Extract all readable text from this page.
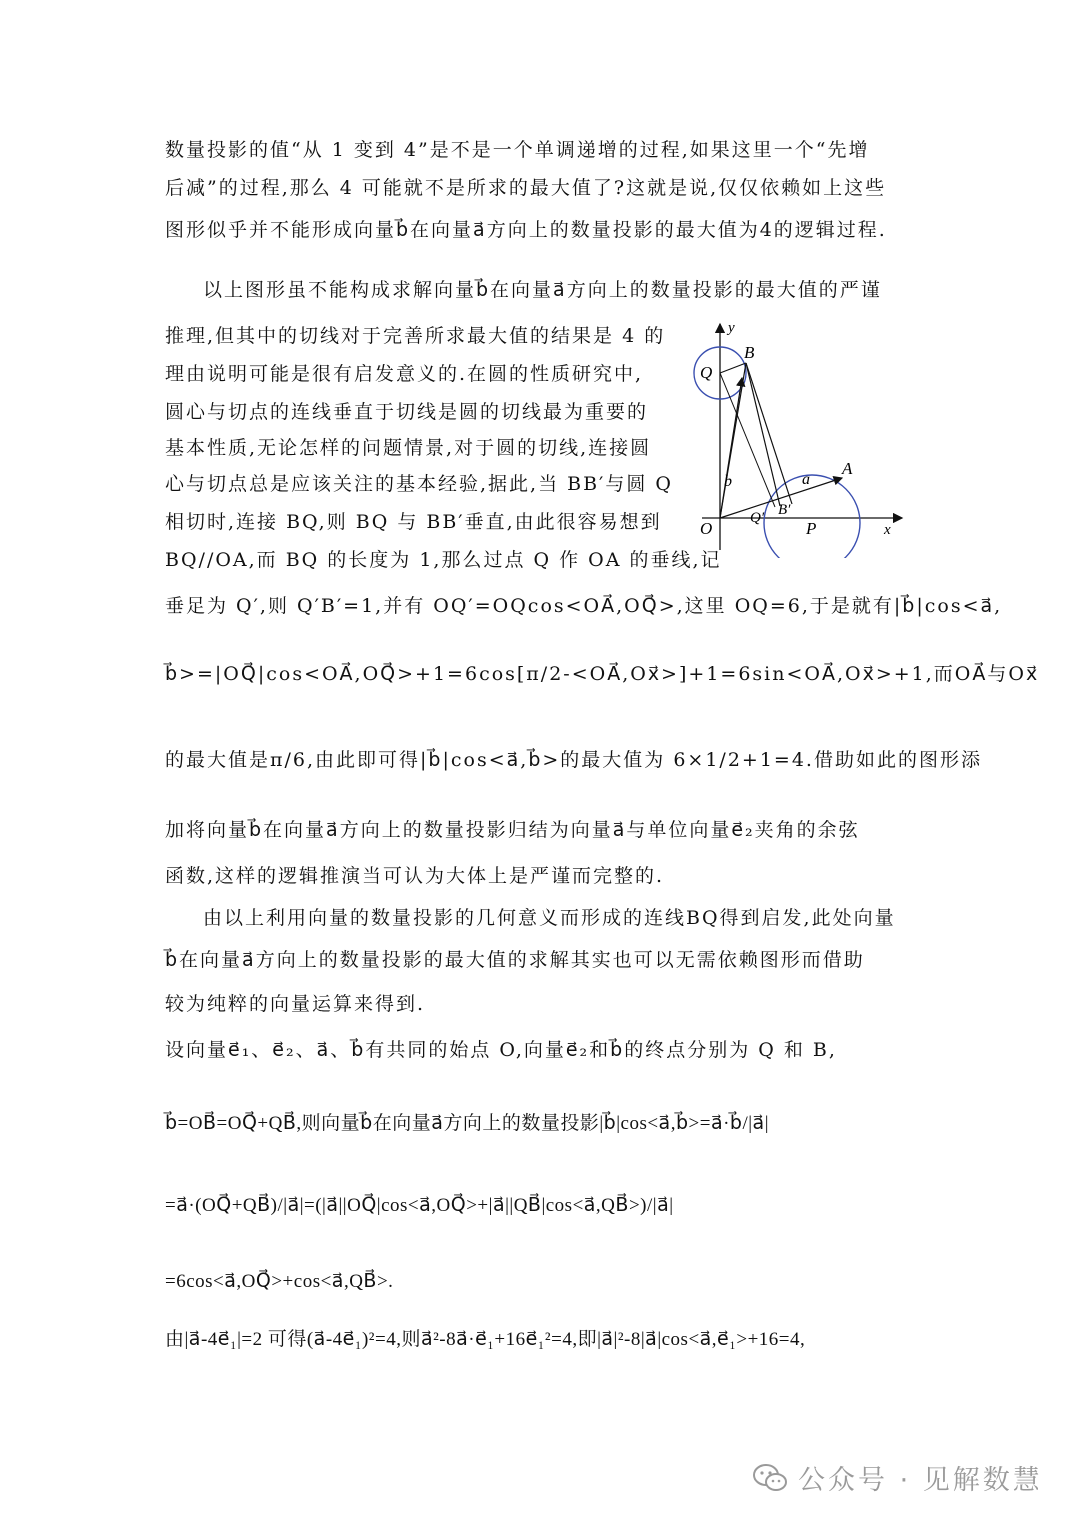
数量投影的值“从 1 变到 4”是不是一个单调递增的过程,如果这里一个“先增
后减”的过程,那么 4 可能就不是所求的最大值了?这就是说,仅仅依赖如上这些
图形似乎并不能形成向量b⃗在向量a⃗方向上的数量投影的最大值为4的逻辑过程.
以上图形虽不能构成求解向量b⃗在向量a⃗方向上的数量投影的最大值的严谨
推理,但其中的切线对于完善所求最大值的结果是 4 的
理由说明可能是很有启发意义的.在圆的性质研究中,
圆心与切点的连线垂直于切线是圆的切线最为重要的
基本性质,无论怎样的问题情景,对于圆的切线,连接圆
心与切点总是应该关注的基本经验,据此,当 BB′与圆 Q
相切时,连接 BQ,则 BQ 与 BB′垂直,由此很容易想到
BQ//OA,而 BQ 的长度为 1,那么过点 Q 作 OA 的垂线,记
垂足为 Q′,则 Q′B′=1,并有 OQ′=OQcos<OA⃗,OQ⃗>,这里 OQ=6,于是就有|b⃗|cos<a⃗,
b⃗>=|OQ⃗|cos<OA⃗,OQ⃗>+1=6cos[π/2-<OA⃗,Ox⃗>]+1=6sin<OA⃗,Ox⃗>+1,而OA⃗与Ox⃗
的最大值是π/6,由此即可得|b⃗|cos<a⃗,b⃗>的最大值为 6×1/2+1=4.借助如此的图形添
加将向量b⃗在向量a⃗方向上的数量投影归结为向量a⃗与单位向量e⃗₂夹角的余弦
函数,这样的逻辑推演当可认为大体上是严谨而完整的.
由以上利用向量的数量投影的几何意义而形成的连线BQ得到启发,此处向量
b⃗在向量a⃗方向上的数量投影的最大值的求解其实也可以无需依赖图形而借助
较为纯粹的向量运算来得到.
设向量e⃗₁、e⃗₂、a⃗、b⃗有共同的始点 O,向量e⃗₂和b⃗的终点分别为 Q 和 B,
b⃗=OB⃗=OQ⃗+QB⃗,则向量b⃗在向量a⃗方向上的数量投影|b⃗|cos<a⃗,b⃗>=a⃗·b⃗/|a⃗|
=a⃗·(OQ⃗+QB⃗)/|a⃗|=(|a⃗||OQ⃗|cos<a⃗,OQ⃗>+|a⃗||QB⃗|cos<a⃗,QB⃗>)/|a⃗|
=6cos<a⃗,OQ⃗>+cos<a⃗,QB⃗>.
由|a⃗-4e⃗₁|=2 可得(a⃗-4e⃗₁)²=4,则a⃗²-8a⃗·e⃗₁+16e⃗₁²=4,即|a⃗|²-8|a⃗|cos<a⃗,e⃗₁>+16=4,
y
Q
B
b⃗	a⃗
A
O
Q′ B′
P	x
公众号 · 见解数慧
